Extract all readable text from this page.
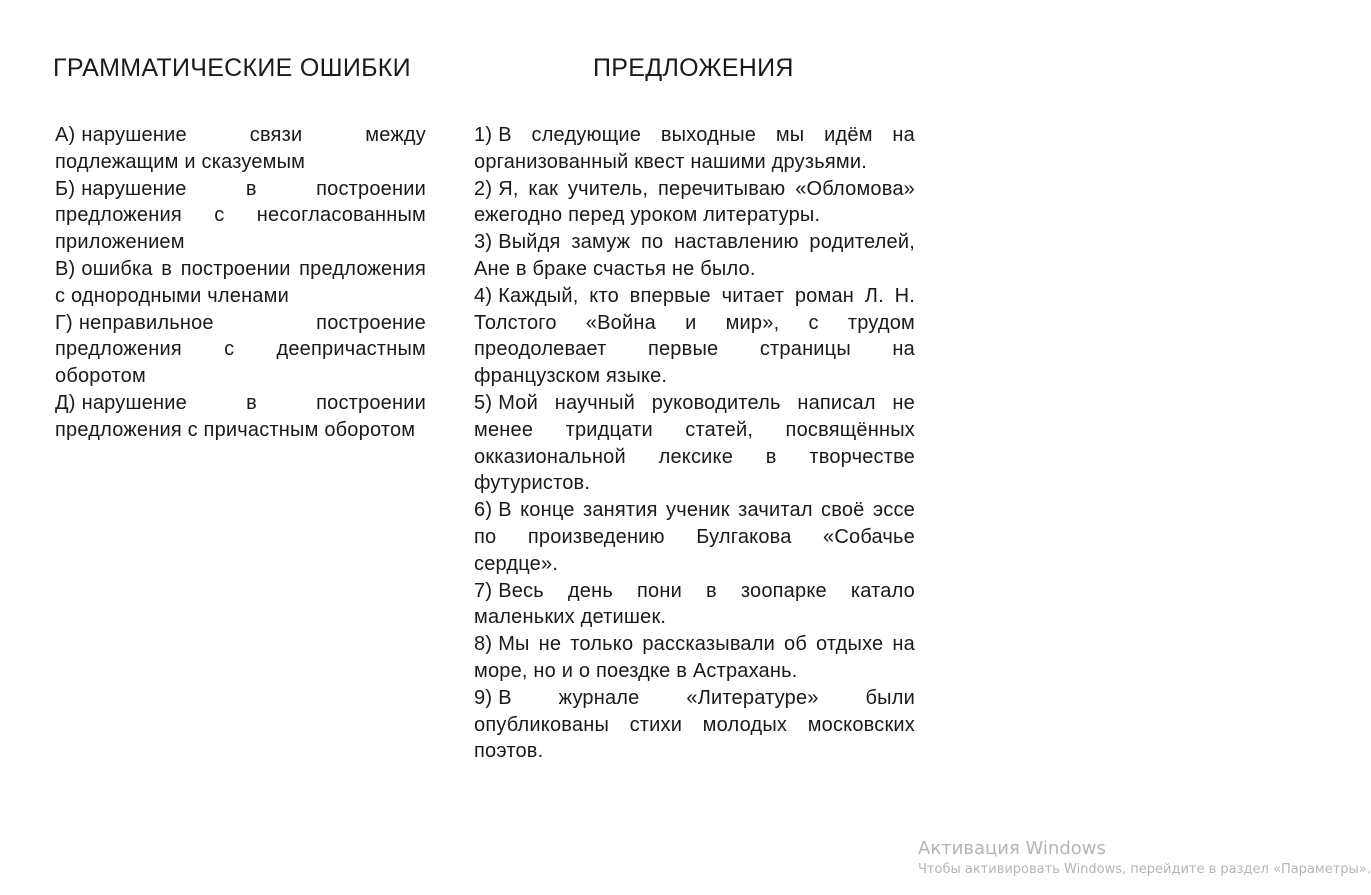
ГРАММАТИЧЕСКИЕ ОШИБКИ	ПРЕДЛОЖЕНИЯ

А) нарушение связи между подлежащим и сказуемым

Б) нарушение в построении предложения с несогласованным приложением

В) ошибка в построении предложения с однородными членами

Г) неправильное построение предложения с деепричастным оборотом

Д) нарушение в построении предложения с причастным оборотом

1) В следующие выходные мы идём на организованный квест нашими друзьями.

2) Я, как учитель, перечитываю «Обломова» ежегодно перед уроком литературы.

3) Выйдя замуж по наставлению родителей, Ане в браке счастья не было.

4) Каждый, кто впервые читает роман Л. Н. Толстого «Война и мир», с трудом преодолевает первые страницы на французском языке.

5) Мой научный руководитель написал не менее тридцати статей, посвящённых окказиональной лексике в творчестве футуристов.

6) В конце занятия ученик зачитал своё эссе по произведению Булгакова «Собачье сердце».

7) Весь день пони в зоопарке катало маленьких детишек.

8) Мы не только рассказывали об отдыхе на море, но и о поездке в Астрахань.

9) В журнале «Литературе» были опубликованы стихи молодых московских поэтов.

Активация Windows
Чтобы активировать Windows, перейдите в раздел «Параметры».
